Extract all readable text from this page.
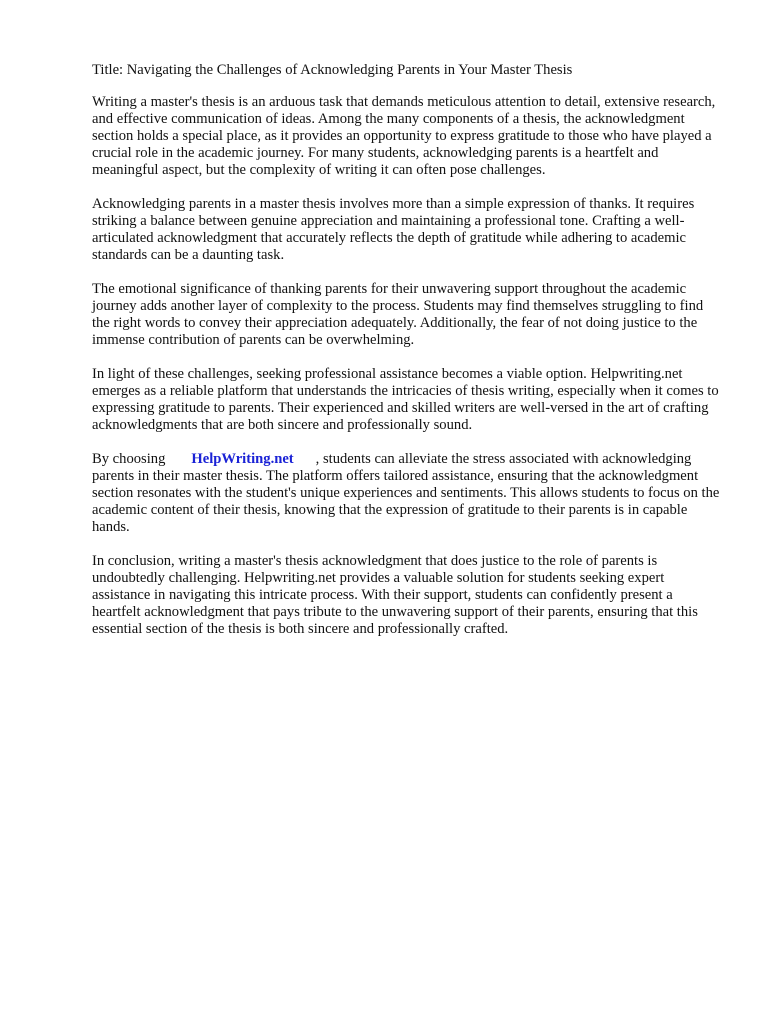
Title: Navigating the Challenges of Acknowledging Parents in Your Master Thesis

Writing a master's thesis is an arduous task that demands meticulous attention to detail, extensive research, and effective communication of ideas. Among the many components of a thesis, the acknowledgment section holds a special place, as it provides an opportunity to express gratitude to those who have played a crucial role in the academic journey. For many students, acknowledging parents is a heartfelt and meaningful aspect, but the complexity of writing it can often pose challenges.

Acknowledging parents in a master thesis involves more than a simple expression of thanks. It requires striking a balance between genuine appreciation and maintaining a professional tone. Crafting a well-articulated acknowledgment that accurately reflects the depth of gratitude while adhering to academic standards can be a daunting task.

The emotional significance of thanking parents for their unwavering support throughout the academic journey adds another layer of complexity to the process. Students may find themselves struggling to find the right words to convey their appreciation adequately. Additionally, the fear of not doing justice to the immense contribution of parents can be overwhelming.

In light of these challenges, seeking professional assistance becomes a viable option. Helpwriting.net emerges as a reliable platform that understands the intricacies of thesis writing, especially when it comes to expressing gratitude to parents. Their experienced and skilled writers are well-versed in the art of crafting acknowledgments that are both sincere and professionally sound.

By choosing HelpWriting.net , students can alleviate the stress associated with acknowledging parents in their master thesis. The platform offers tailored assistance, ensuring that the acknowledgment section resonates with the student's unique experiences and sentiments. This allows students to focus on the academic content of their thesis, knowing that the expression of gratitude to their parents is in capable hands.

In conclusion, writing a master's thesis acknowledgment that does justice to the role of parents is undoubtedly challenging. Helpwriting.net provides a valuable solution for students seeking expert assistance in navigating this intricate process. With their support, students can confidently present a heartfelt acknowledgment that pays tribute to the unwavering support of their parents, ensuring that this essential section of the thesis is both sincere and professionally crafted.
